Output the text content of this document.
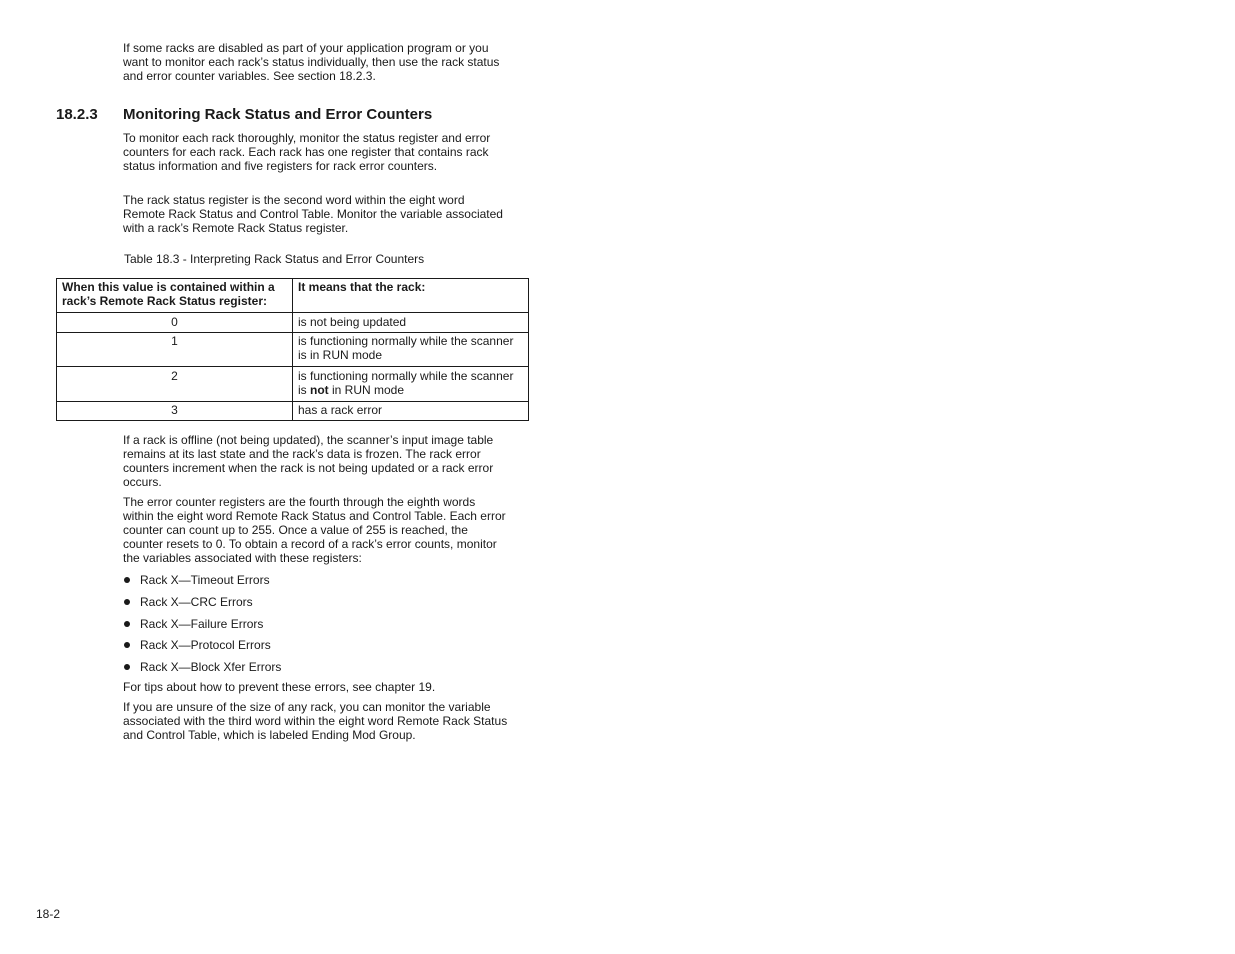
If some racks are disabled as part of your application program or you want to monitor each rack’s status individually, then use the rack status and error counter variables. See section 18.2.3.

18.2.3 Monitoring Rack Status and Error Counters

To monitor each rack thoroughly, monitor the status register and error counters for each rack. Each rack has one register that contains rack status information and five registers for rack error counters.

The rack status register is the second word within the eight word Remote Rack Status and Control Table. Monitor the variable associated with a rack’s Remote Rack Status register.

Table 18.3 - Interpreting Rack Status and Error Counters
When this value is contained within a rack’s Remote Rack Status register:	It means that the rack:
0	is not being updated
1	is functioning normally while the scanner is in RUN mode
2	is functioning normally while the scanner is not in RUN mode
3	has a rack error

If a rack is offline (not being updated), the scanner’s input image table remains at its last state and the rack’s data is frozen. The rack error counters increment when the rack is not being updated or a rack error occurs.

The error counter registers are the fourth through the eighth words within the eight word Remote Rack Status and Control Table. Each error counter can count up to 255. Once a value of 255 is reached, the counter resets to 0. To obtain a record of a rack’s error counts, monitor the variables associated with these registers:

Rack X—Timeout Errors
Rack X—CRC Errors
Rack X—Failure Errors
Rack X—Protocol Errors
Rack X—Block Xfer Errors

For tips about how to prevent these errors, see chapter 19.

If you are unsure of the size of any rack, you can monitor the variable associated with the third word within the eight word Remote Rack Status and Control Table, which is labeled Ending Mod Group.

18-2
